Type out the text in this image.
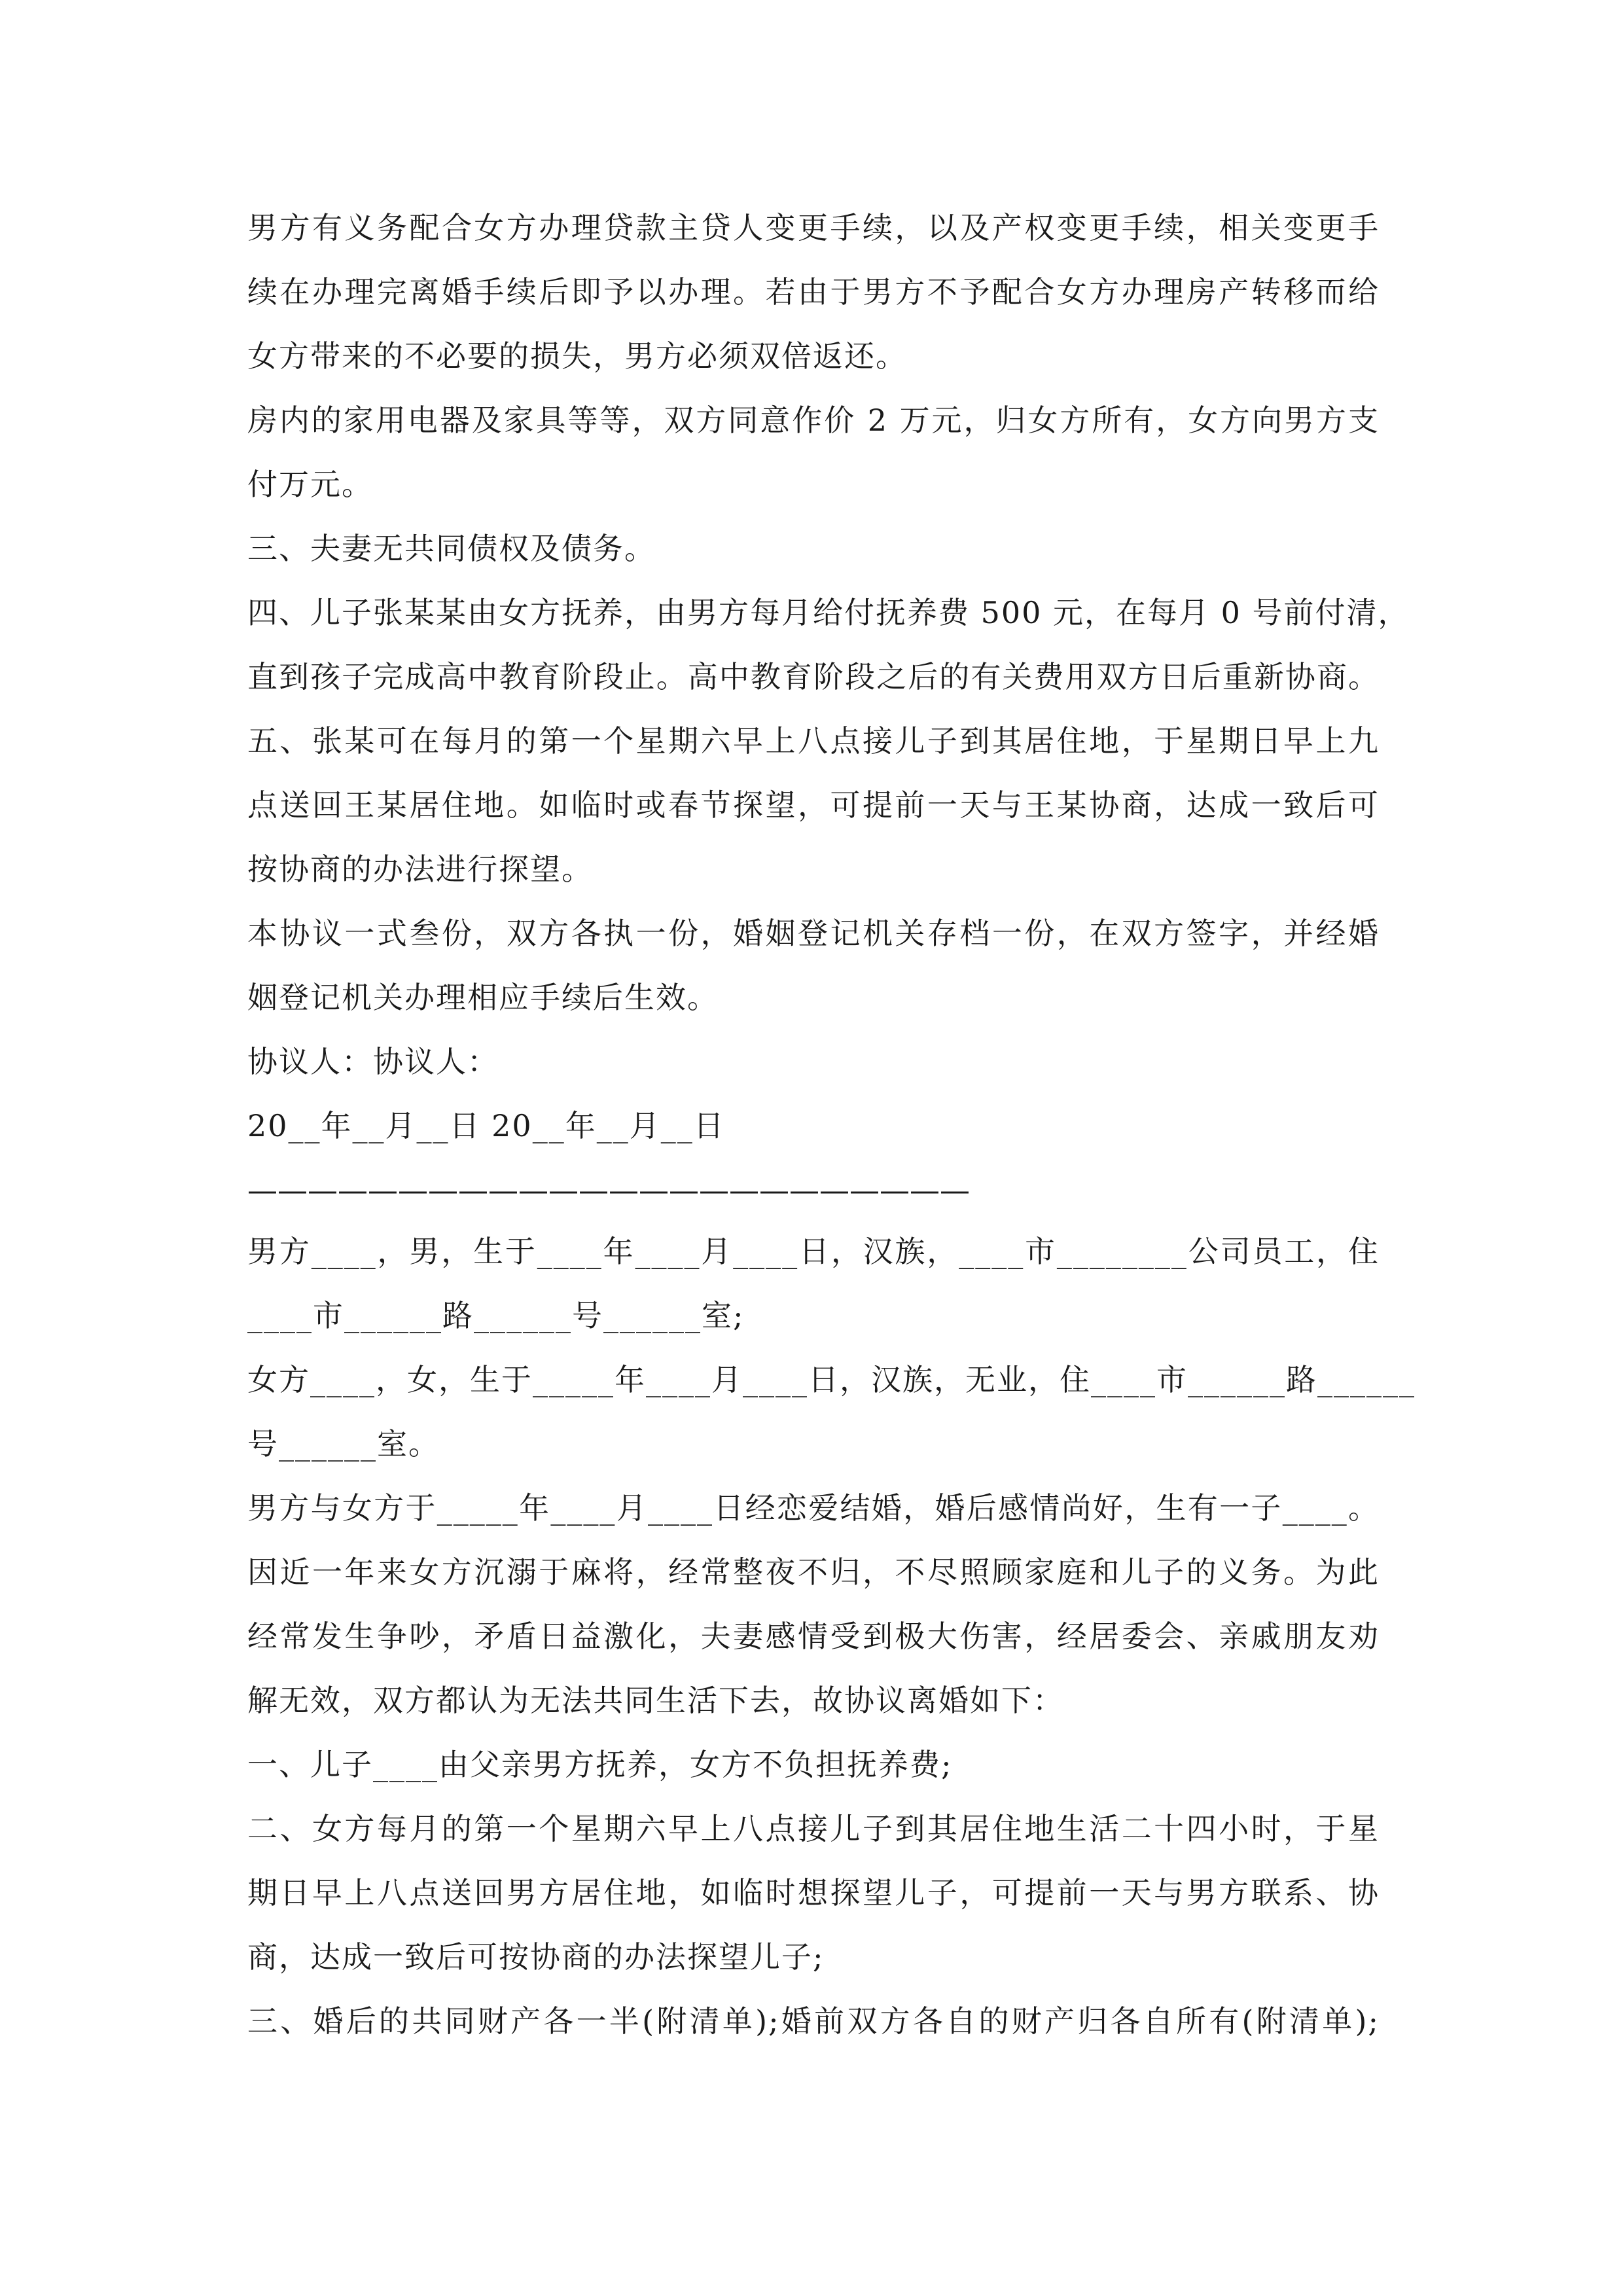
男方有义务配合女方办理贷款主贷人变更手续，以及产权变更手续，相关变更手
续在办理完离婚手续后即予以办理。若由于男方不予配合女方办理房产转移而给
女方带来的不必要的损失，男方必须双倍返还。
房内的家用电器及家具等等，双方同意作价 2 万元，归女方所有，女方向男方支
付万元。
三、夫妻无共同债权及债务。
四、儿子张某某由女方抚养，由男方每月给付抚养费 500 元，在每月 0 号前付清，
直到孩子完成高中教育阶段止。高中教育阶段之后的有关费用双方日后重新协商。
五、张某可在每月的第一个星期六早上八点接儿子到其居住地，于星期日早上九
点送回王某居住地。如临时或春节探望，可提前一天与王某协商，达成一致后可
按协商的办法进行探望。
本协议一式叁份，双方各执一份，婚姻登记机关存档一份，在双方签字，并经婚
姻登记机关办理相应手续后生效。
协议人：协议人：
20__年__月__日 20__年__月__日
————————————————————————
男方____，男，生于____年____月____日，汉族，____市________公司员工，住
____市______路______号______室;
女方____，女，生于_____年____月____日，汉族，无业，住____市______路______
号______室。
男方与女方于_____年____月____日经恋爱结婚，婚后感情尚好，生有一子____。
因近一年来女方沉溺于麻将，经常整夜不归，不尽照顾家庭和儿子的义务。为此
经常发生争吵，矛盾日益激化，夫妻感情受到极大伤害，经居委会、亲戚朋友劝
解无效，双方都认为无法共同生活下去，故协议离婚如下：
一、儿子____由父亲男方抚养，女方不负担抚养费;
二、女方每月的第一个星期六早上八点接儿子到其居住地生活二十四小时，于星
期日早上八点送回男方居住地，如临时想探望儿子，可提前一天与男方联系、协
商，达成一致后可按协商的办法探望儿子;
三、婚后的共同财产各一半(附清单);婚前双方各自的财产归各自所有(附清单);
